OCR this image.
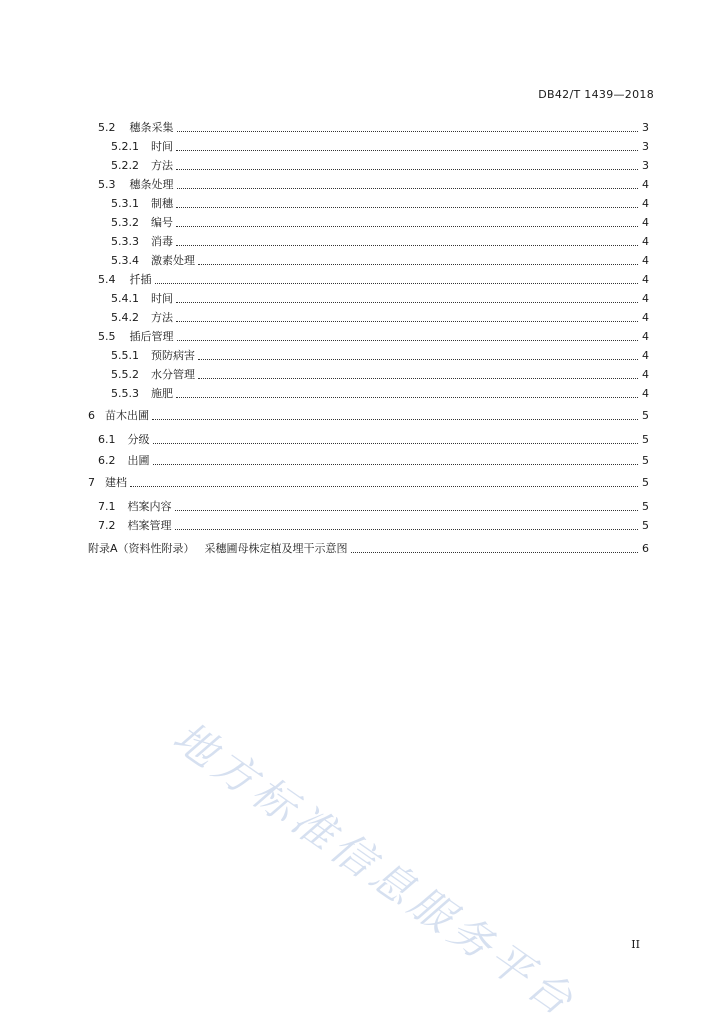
DB42/T 1439—2018
5.2 穗条采集	3
5.2.1 时间	3
5.2.2 方法	3
5.3 穗条处理	4
5.3.1 制穗	4
5.3.2 编号	4
5.3.3 消毒	4
5.3.4 激素处理	4
5.4 扦插	4
5.4.1 时间	4
5.4.2 方法	4
5.5 插后管理	4
5.5.1 预防病害	4
5.5.2 水分管理	4
5.5.3 施肥	4
6 苗木出圃	5
6.1 分级	5
6.2 出圃	5
7 建档	5
7.1 档案内容	5
7.2 档案管理	5
附录A（资料性附录） 采穗圃母株定植及埋干示意图	6
地方标准信息服务平台	II
